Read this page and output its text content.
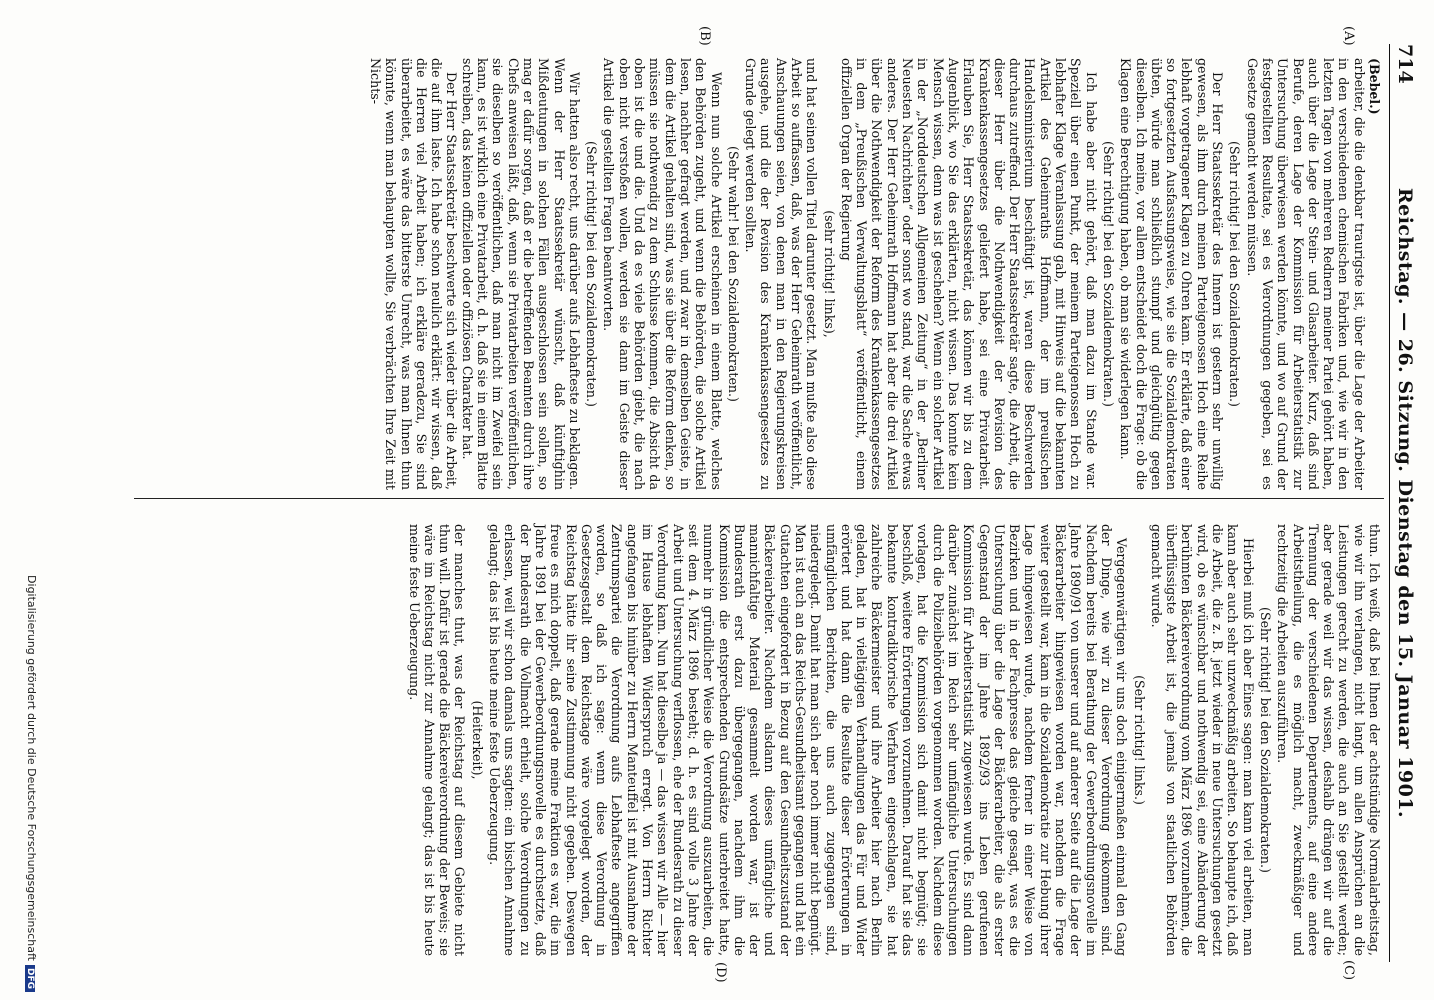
714
Reichstag. — 26. Sitzung. Dienstag den 15. Januar 1901.
(A)
(B)
(C)
(D)

(Bebel.)

arbeiter, die die denkbar traurigste ist, über die Lage der Arbeiter in den verschiedenen chemischen Fabriken und, wie wir in den letzten Tagen von mehreren Rednern meiner Partei gehört haben, auch über die Lage der Stein- und Glasarbeiter. Kurz, daß sind Berufe, deren Lage der Kommission für Arbeiterstatistik zur Untersuchung überwiesen werden könnte, und wo auf Grund der festgestellten Resultate, sei es Verordnungen gegeben, sei es Gesetze gemacht werden müssen.

(Sehr richtig! bei den Sozialdemokraten.)

Der Herr Staatssekretär des Innern ist gestern sehr unwillig gewesen, als ihm durch meinen Parteigenossen Hoch eine Reihe lebhaft vorgetragener Klagen zu Ohren kam. Er erklärte, daß einer so fortgesetzten Ausfassungsweise, wie sie die Sozialdemokraten übten, würde man schließlich stumpf und gleichgültig gegen dieselben. Ich meine, vor allem entscheidet doch die Frage: ob die Klagen eine Berechtigung haben, ob man sie widerlegen kann.

(Sehr richtig! bei den Sozialdemokraten.)

Ich habe aber nicht gehört, daß man dazu im Stande war. Speziell über einen Punkt, der meinem Parteigenossen Hoch zu lebhafter Klage Veranlassung gab, mit Hinweis auf die bekannten Artikel des Geheimraths Hoffmann, der im preußischen Handelsministerium beschäftigt ist, waren diese Beschwerden durchaus zutreffend. Der Herr Staatssekretär sagte, die Arbeit, die dieser Herr über die Nothwendigkeit der Revision des Krankenkassengesetzes geliefert habe, sei eine Privatarbeit. Erlauben Sie, Herr Staatssekretär, das können wir bis zu dem Augenblick, wo Sie das erklärten, nicht wissen. Das konnte kein Mensch wissen, denn was ist geschehen? Wenn ein solcher Artikel in der „Norddeutschen Allgemeinen Zeitung“ in der „Berliner Neuesten Nachrichten“ oder sonst wo stand, war die Sache etwas anderes. Der Herr Geheimrath Hoffmann hat aber die drei Artikel über die Nothwendigkeit der Reform des Krankenkassengesetzes in dem „Preußischen Verwaltungsblatt“ veröffentlicht, einem offiziellen Organ der Regierung

(sehr richtig! links),

und hat seinen vollen Titel darunter gesetzt. Man mußte also diese Arbeit so auffassen, daß, was der Herr Geheimrath veröffentlicht, Anschauungen seien, von denen man in den Regierungskreisen ausgehe, und die der Revision des Krankenkassengesetzes zu Grunde gelegt werden sollten.

(Sehr wahr! bei den Sozialdemokraten.)

Wenn nun solche Artikel erscheinen in einem Blatte, welches den Behörden zugeht, und wenn die Behörden, die solche Artikel lesen, nachher gefragt werden, und zwar in demselben Geiste, in dem die Artikel gehalten sind, was sie über die Reform denken, so müssen sie nothwendig zu dem Schlusse kommen, die Absicht da oben ist die und die. Und da es viele Behörden giebt, die nach oben nicht verstoßen wollen, werden sie dann im Geiste dieser Artikel die gestellten Fragen beantworten.

(Sehr richtig! bei den Sozialdemokraten.)

Wir hatten also recht, uns darüber aufs Lebhafteste zu beklagen. Wenn der Herr Staatssekretär wünscht, daß künftighin Mißdeutungen in solchen Fällen ausgeschlossen sein sollen, so mag er dafür sorgen, daß er die betreffenden Beamten durch ihre Chefs anweisen läßt, daß, wenn sie Privatarbeiten veröffentlichen, sie dieselben so veröffentlichen, daß man nicht im Zweifel sein kann, es ist wirklich eine Privatarbeit, d. h. daß sie in einem Blatte schreiben, das keinen offiziellen oder offiziösen Charakter hat.

Der Herr Staatssekretär beschwerte sich wieder über die Arbeit, die auf ihm laste. Ich habe schon neulich erklärt: wir wissen, daß die Herren viel Arbeit haben; ich erkläre geradezu, Sie sind überarbeitet, es wäre das bitterste Unrecht, was man Ihnen thun könnte, wenn man behaupten wollte, Sie verbrächten Ihre Zeit mit Nichts-

thun. Ich weiß, daß bei Ihnen der achtstündige Normalarbeitstag, wie wir ihn verlangen, nicht langt, um allen Ansprüchen an die Leistungen gerecht zu werden, die auch an Sie gestellt werden; aber gerade weil wir das wissen, deshalb drängen wir auf die Trennung der verschiedenen Departements, auf eine andere Arbeitstheilung, die es möglich macht, zweckmäßiger und rechtzeitig die Arbeiten auszuführen.

(Sehr richtig! bei den Sozialdemokraten.)

Hierbei muß ich aber Eines sagen: man kann viel arbeiten, man kann aber auch sehr unzweckmäßig arbeiten. So behaupte ich, daß die Arbeit, die z. B. jetzt wieder in neue Untersuchungen gesetzt wird, ob es wünschbar und nothwendig sei, eine Abänderung der berühmten Bäckereiverordnung vom März 1896 vorzunehmen, die überflüssigste Arbeit ist, die jemals von staatlichen Behörden gemacht wurde.

(Sehr richtig! links.)

Vergegenwärtigen wir uns doch einigermaßen einmal den Gang der Dinge, wie wir zu dieser Verordnung gekommen sind. Nachdem bereits bei Berathung der Gewerbeordnungsnovelle im Jahre 1890/91 von unserer und auf anderer Seite auf die Lage der Bäckerarbeiter hingewiesen worden war, nachdem die Frage weiter gestellt war, kam in die Sozialdemokratie zur Hebung ihrer Lage hingewiesen wurde, nachdem ferner in einer Weise von Bezirken und in der Fachpresse das gleiche gesagt, was es die Untersuchung über die Lage der Bäckerarbeiter, die als erster Gegenstand der im Jahre 1892/93 ins Leben gerufenen Kommission für Arbeiterstatistik zugewiesen wurde. Es sind dann darüber zunächst im Reich sehr umfängliche Untersuchungen durch die Polizeibehörden vorgenommen worden. Nachdem diese vorlagen, hat die Kommission sich damit nicht begnügt; sie beschloß, weitere Erörterungen vorzunehmen. Darauf hat sie das bekannte kontradiktorische Verfahren eingeschlagen, sie hat zahlreiche Bäckermeister und ihre Arbeiter hier nach Berlin geladen, hat in vieltägigen Verhandlungen das Für und Wider erörtert und hat dann die Resultate dieser Erörterungen in umfänglichen Berichten, die uns auch zugegangen sind, niedergelegt. Damit hat man sich aber noch immer nicht begnügt. Man ist auch an das Reichs-Gesundheitsamt gegangen und hat ein Gutachten eingefordert in Bezug auf den Gesundheitszustand der Bäckereiarbeiter. Nachdem alsdann dieses umfängliche und mannichfaltige Material gesammelt worden war, ist der Bundesrath erst dazu übergegangen, nachdem ihm die Kommission die entsprechenden Grundsätze unterbreitet hatte, nunmehr in gründlicher Weise die Verordnung auszuarbeiten, die seit dem 4. März 1896 besteht; d. h. es sind volle 3 Jahre der Arbeit und Untersuchung verflossen, ehe der Bundesrath zu dieser Verordnung kam. Nun hat dieselbe ja — das wissen wir Alle — hier im Hause lebhaften Widerspruch erregt. Von Herrn Richter angefangen bis hinüber zu Herrn Manteuffel ist mit Ausnahme der Zentrumspartei die Verordnung aufs Lebhafteste angegriffen worden, so daß ich sage: wenn diese Verordnung in Gesetzesgestalt dem Reichstage wäre vorgelegt worden, der Reichstag hätte ihr seine Zustimmung nicht gegeben. Deswegen freue es mich doppelt, daß gerade meine Fraktion es war, die im Jahre 1891 bei der Gewerbeordnungsnovelle es durchsetzte, daß der Bundesrath die Vollmacht erhielt, solche Verordnungen zu erlassen, weil wir schon damals uns sagten: ein bischen Annahme gelangt; das ist bis heute meine feste Ueberzeugung.

(Heiterkeit),

der manches thut, was der Reichstag auf diesem Gebiete nicht thun will. Dafür ist gerade die Bäckereiverordnung der Beweis; sie wäre im Reichstag nicht zur Annahme gelangt; das ist bis heute meine feste Ueberzeugung.

Digitalisierung gefördert durch die Deutsche ForschungsgemeinschaftDFG
